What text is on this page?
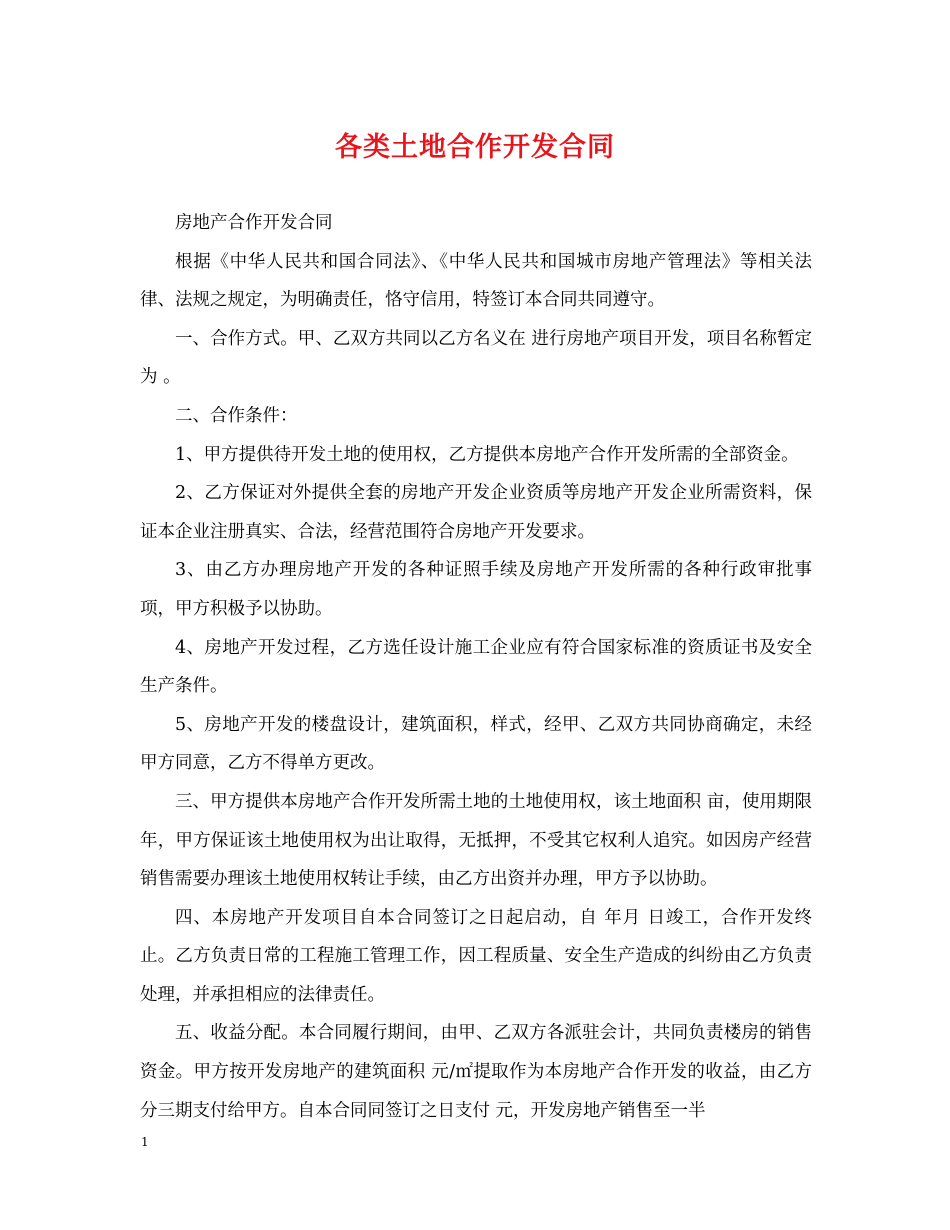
各类土地合作开发合同

房地产合作开发合同

根据《中华人民共和国合同法》、《中华人民共和国城市房地产管理法》等相关法律、法规之规定，为明确责任，恪守信用，特签订本合同共同遵守。

一、合作方式。甲、乙双方共同以乙方名义在 进行房地产项目开发，项目名称暂定为 。

二、合作条件：

1、甲方提供待开发土地的使用权，乙方提供本房地产合作开发所需的全部资金。

2、乙方保证对外提供全套的房地产开发企业资质等房地产开发企业所需资料，保证本企业注册真实、合法，经营范围符合房地产开发要求。

3、由乙方办理房地产开发的各种证照手续及房地产开发所需的各种行政审批事项，甲方积极予以协助。

4、房地产开发过程，乙方选任设计施工企业应有符合国家标准的资质证书及安全生产条件。

5、房地产开发的楼盘设计，建筑面积，样式，经甲、乙双方共同协商确定，未经甲方同意，乙方不得单方更改。

三、甲方提供本房地产合作开发所需土地的土地使用权，该土地面积 亩，使用期限 年，甲方保证该土地使用权为出让取得，无抵押，不受其它权利人追究。如因房产经营销售需要办理该土地使用权转让手续，由乙方出资并办理，甲方予以协助。

四、本房地产开发项目自本合同签订之日起启动，自 年月 日竣工，合作开发终止。乙方负责日常的工程施工管理工作，因工程质量、安全生产造成的纠纷由乙方负责处理，并承担相应的法律责任。

五、收益分配。本合同履行期间，由甲、乙双方各派驻会计，共同负责楼房的销售资金。甲方按开发房地产的建筑面积 元/㎡提取作为本房地产合作开发的收益，由乙方分三期支付给甲方。自本合同同签订之日支付 元，开发房地产销售至一半

1
